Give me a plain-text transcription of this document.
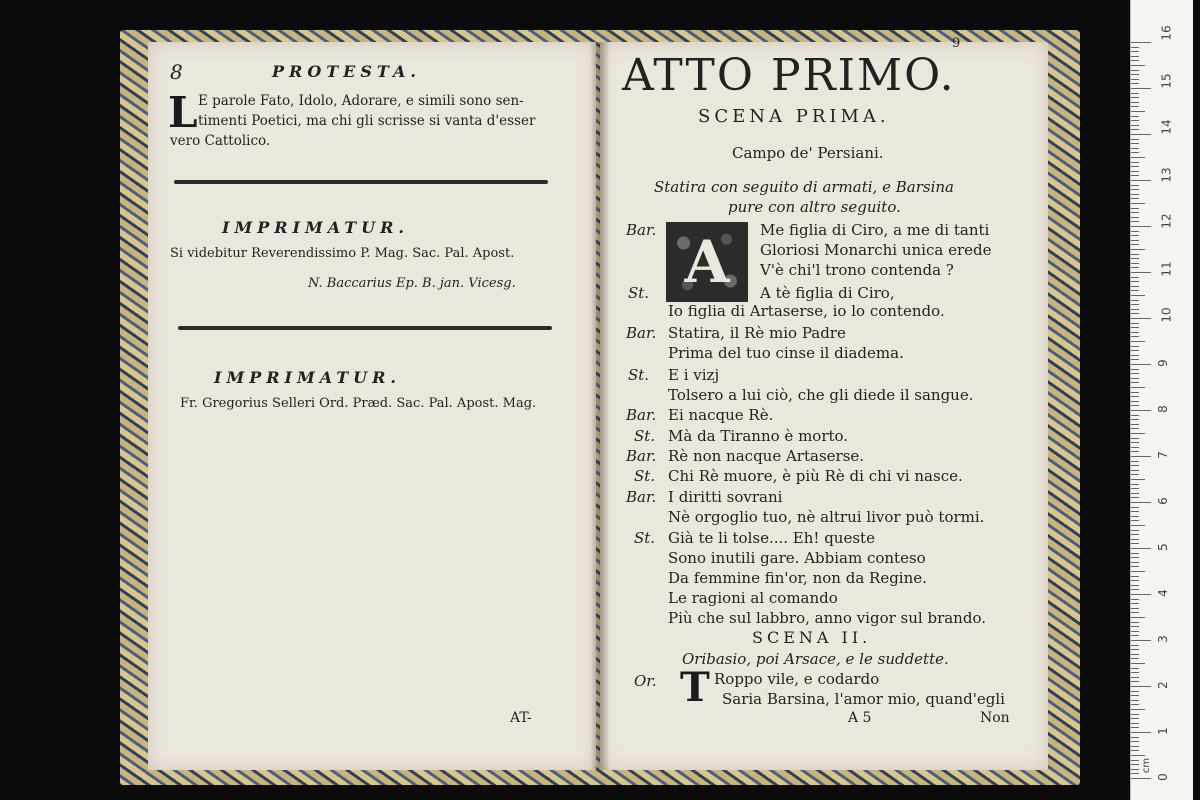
8	PROTESTA.
L E parole Fato, Idolo, Adorare, e simili sono sen-
timenti Poetici, ma chi gli scrisse si vanta d'esser
vero Cattolico.
IMPRIMATUR.
Si videbitur Reverendissimo P. Mag. Sac. Pal. Apost.
N. Baccarius Ep. B. jan. Vicesg.
IMPRIMATUR.
Fr. Gregorius Selleri Ord. Præd. Sac. Pal. Apost. Mag.
AT-
9
ATTO PRIMO.
SCENA PRIMA.
Campo de' Persiani.
Statira con seguito di armati, e Barsina
pure con altro seguito.
A
Bar.	Me figlia di Ciro, a me di tanti
Gloriosi Monarchi unica erede
V'è chi'l trono contenda ?
St.	A tè figlia di Ciro,
Io figlia di Artaserse, io lo contendo.
Bar. Statira, il Rè mio Padre
Prima del tuo cinse il diadema.
St. E i vizj
Tolsero a lui ciò, che gli diede il sangue.
Bar. Ei nacque Rè.
St. Mà da Tiranno è morto.
Bar. Rè non nacque Artaserse.
St. Chi Rè muore, è più Rè di chi vi nasce.
Bar. I diritti sovrani
Nè orgoglio tuo, nè altrui livor può tormi.
St. Già te li tolse.... Eh! queste
Sono inutili gare. Abbiam conteso
Da femmine fin'or, non da Regine.
Le ragioni al comando
Più che sul labbro, anno vigor sul brando.
SCENA II.
Oribasio, poi Arsace, e le suddette.
Or. T Roppo vile, e codardo
Saria Barsina, l'amor mio, quand'egli
A 5	Non
0
1
2
3
4
5
6
7
8
9
10
11
12
13
14
15
16
cm
